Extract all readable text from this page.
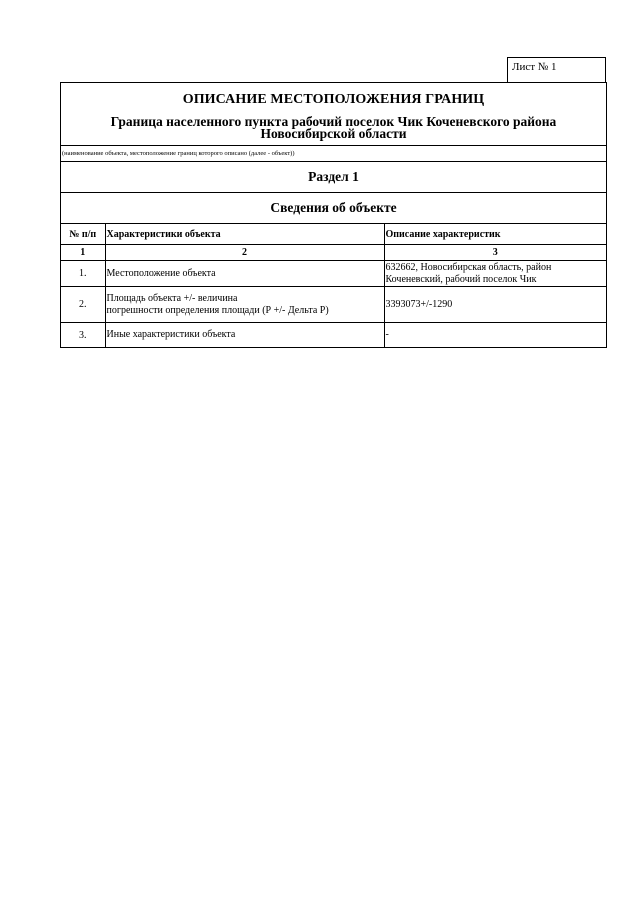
Лист № 1
ОПИСАНИЕ МЕСТОПОЛОЖЕНИЯ ГРАНИЦ
Граница населенного пункта рабочий поселок Чик Коченевского района
Новосибирской области
(наименование объекта, местоположение границ которого описано (далее - объект))
Раздел 1
Сведения об объекте
№ п/п	Характеристики объекта	Описание характеристик
1	2	3
1.	Местоположение объекта	632662, Новосибирская область, район
Коченевский, рабочий поселок Чик

2.	Площадь объекта +/- величина
погрешности определения площади (Р +/- Дельта Р)	3393073+/-1290

3.	Иные характеристики объекта	-
